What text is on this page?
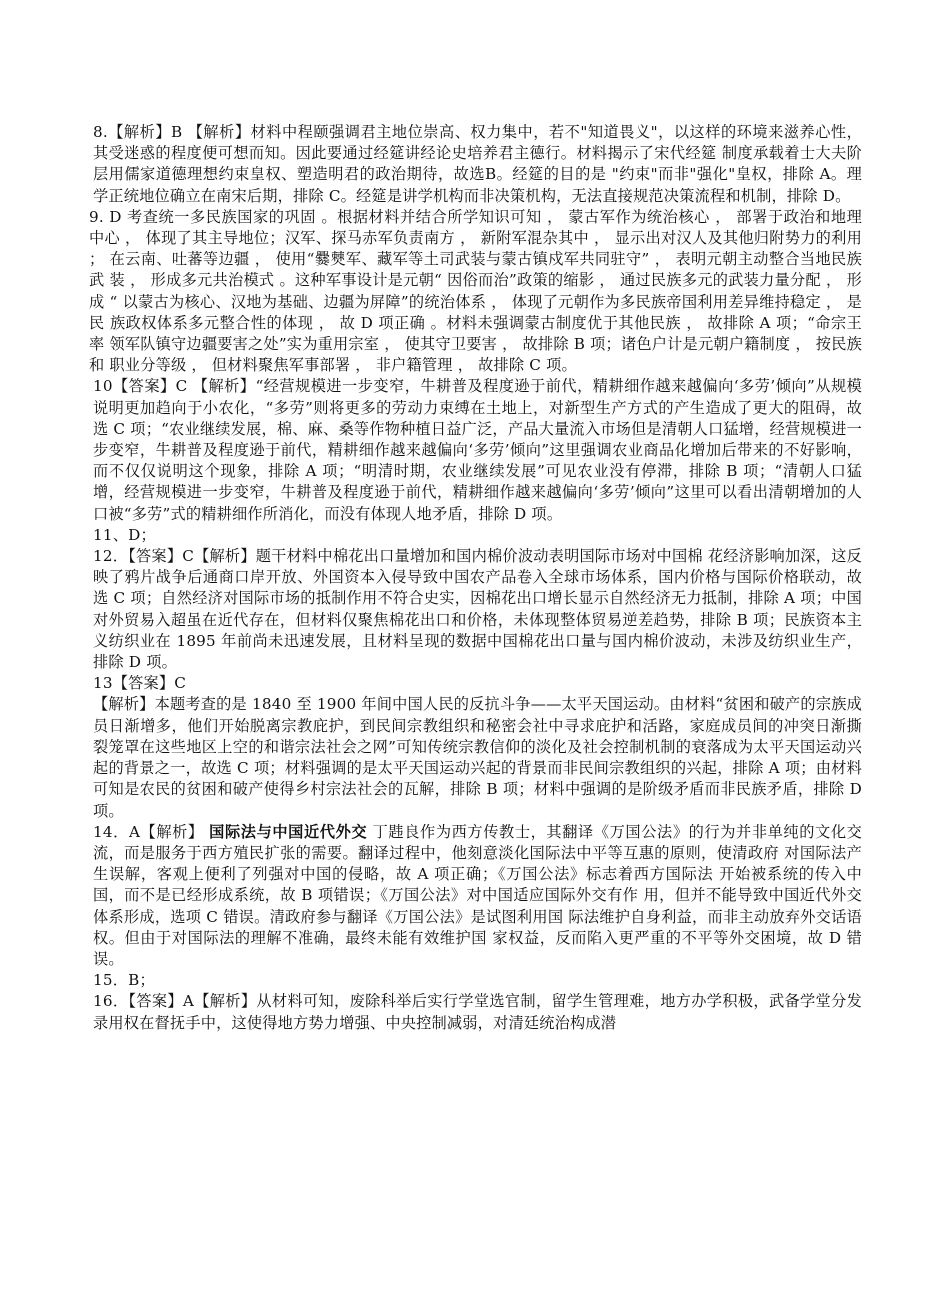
8.【解析】B 【解析】材料中程颐强调君主地位崇高、权力集中，若不"知道畏义"，以这样的环境来滋养心性， 其受迷惑的程度便可想而知。因此要通过经筵讲经论史培养君主德行。材料揭示了宋代经筵 制度承载着士大夫阶层用儒家道德理想约束皇权、塑造明君的政治期待，故选B。经筵的目的是 "约束"而非"强化"皇权，排除 A。理学正统地位确立在南宋后期，排除 C。经筵是讲学机构而非决策机构，无法直接规范决策流程和机制，排除 D。

9. D 考查统一多民族国家的巩固 。根据材料并结合所学知识可知 ， 蒙古军作为统治核心 ， 部署于政治和地理 中心 ， 体现了其主导地位；汉军、探马赤军负责南方 ， 新附军混杂其中 ， 显示出对汉人及其他归附势力的利用 ； 在云南、吐蕃等边疆 ， 使用“爨僰军、藏军等土司武装与蒙古镇戍军共同驻守” ， 表明元朝主动整合当地民族武 装 ， 形成多元共治模式 。这种军事设计是元朝“ 因俗而治”政策的缩影 ， 通过民族多元的武装力量分配 ， 形成 “ 以蒙古为核心、汉地为基础、边疆为屏障”的统治体系 ， 体现了元朝作为多民族帝国利用差异维持稳定 ， 是民 族政权体系多元整合性的体现 ， 故 D 项正确 。材料未强调蒙古制度优于其他民族 ， 故排除 A 项；“命宗王率 领军队镇守边疆要害之处”实为重用宗室 ， 使其守卫要害 ， 故排除 B 项；诸色户计是元朝户籍制度 ， 按民族和 职业分等级 ， 但材料聚焦军事部署 ， 非户籍管理 ， 故排除 C 项。

10【答案】C 【解析】“经营规模进一步变窄，牛耕普及程度逊于前代，精耕细作越来越偏向‘多劳’倾向”从规模说明更加趋向于小农化，“多劳”则将更多的劳动力束缚在土地上，对新型生产方式的产生造成了更大的阻碍，故选 C 项；“农业继续发展，棉、麻、桑等作物种植日益广泛，产品大量流入市场但是清朝人口猛增，经营规模进一步变窄，牛耕普及程度逊于前代，精耕细作越来越偏向‘多劳’倾向”这里强调农业商品化增加后带来的不好影响，而不仅仅说明这个现象，排除 A 项；“明清时期，农业继续发展”可见农业没有停滞，排除 B 项；“清朝人口猛增，经营规模进一步变窄，牛耕普及程度逊于前代，精耕细作越来越偏向‘多劳’倾向”这里可以看出清朝增加的人口被“多劳”式的精耕细作所消化，而没有体现人地矛盾，排除 D 项。

11、D；

12．【答案】C【解析】题干材料中棉花出口量增加和国内棉价波动表明国际市场对中国棉 花经济影响加深，这反映了鸦片战争后通商口岸开放、外国资本入侵导致中国农产品卷入全球市场体系，国内价格与国际价格联动，故选 C 项；自然经济对国际市场的抵制作用不符合史实，因棉花出口增长显示自然经济无力抵制，排除 A 项；中国对外贸易入超虽在近代存在，但材料仅聚焦棉花出口和价格，未体现整体贸易逆差趋势，排除 B 项；民族资本主义纺织业在 1895 年前尚未迅速发展，且材料呈现的数据中国棉花出口量与国内棉价波动，未涉及纺织业生产，排除 D 项。

13【答案】C

【解析】本题考查的是 1840 至 1900 年间中国人民的反抗斗争——太平天国运动。由材料“贫困和破产的宗族成员日渐增多，他们开始脱离宗教庇护，到民间宗教组织和秘密会社中寻求庇护和活路，家庭成员间的冲突日渐撕裂笼罩在这些地区上空的和谐宗法社会之网”可知传统宗教信仰的淡化及社会控制机制的衰落成为太平天国运动兴起的背景之一，故选 C 项；材料强调的是太平天国运动兴起的背景而非民间宗教组织的兴起，排除 A 项；由材料可知是农民的贫困和破产使得乡村宗法社会的瓦解，排除 B 项；材料中强调的是阶级矛盾而非民族矛盾，排除 D 项。

14．A【解析】 国际法与中国近代外交 丁韪良作为西方传教士，其翻译《万国公法》的行为并非单纯的文化交流，而是服务于西方殖民扩张的需要。翻译过程中，他刻意淡化国际法中平等互惠的原则，使清政府 对国际法产生误解，客观上便利了列强对中国的侵略，故 A 项正确；《万国公法》标志着西方国际法 开始被系统的传入中国，而不是已经形成系统，故 B 项错误；《万国公法》对中国适应国际外交有作 用，但并不能导致中国近代外交体系形成，选项 C 错误。清政府参与翻译《万国公法》是试图利用国 际法维护自身利益，而非主动放弃外交话语权。但由于对国际法的理解不准确，最终未能有效维护国 家权益，反而陷入更严重的不平等外交困境，故 D 错误。

15．B；

16．【答案】A【解析】从材料可知，废除科举后实行学堂选官制，留学生管理难，地方办学积极，武备学堂分发录用权在督抚手中，这使得地方势力增强、中央控制减弱，对清廷统治构成潜
